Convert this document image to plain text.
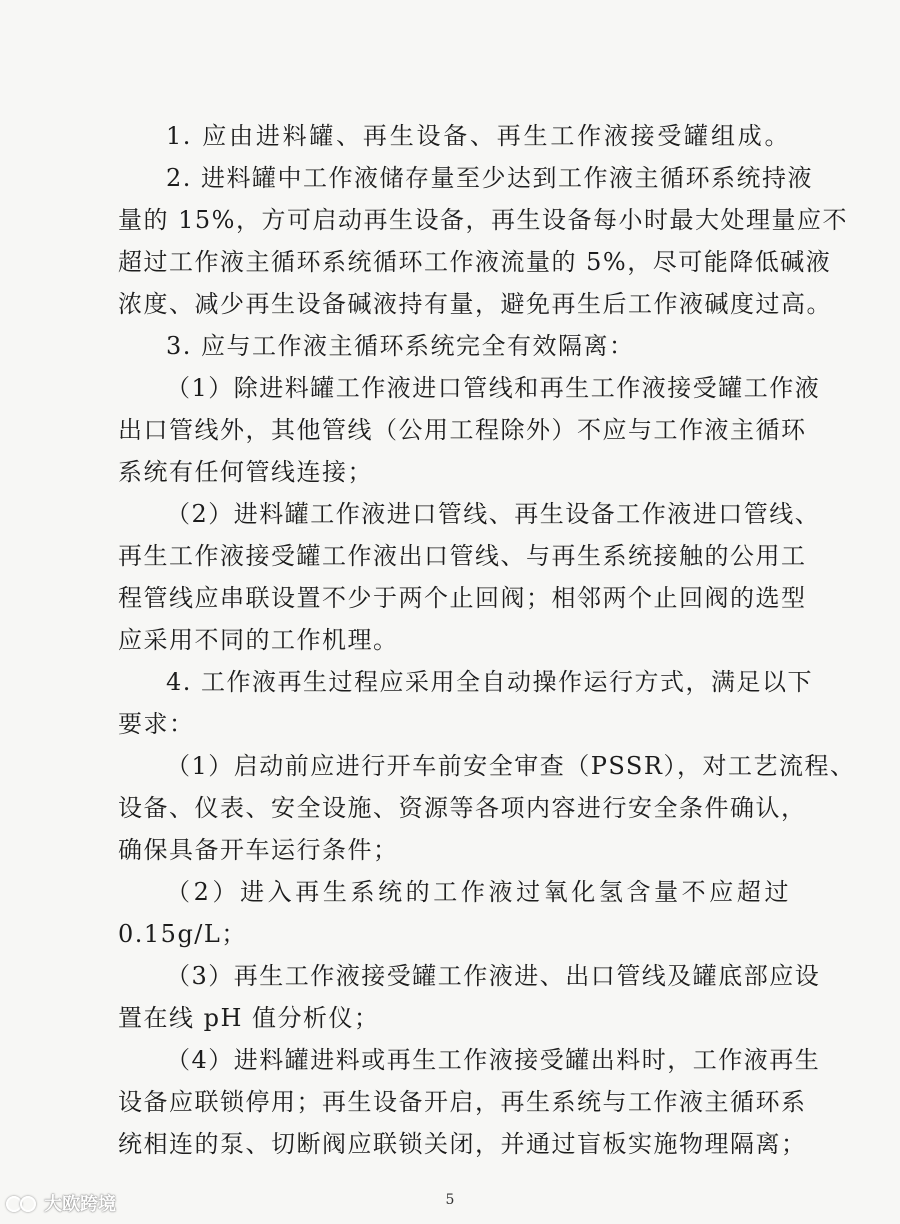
1. 应由进料罐、再生设备、再生工作液接受罐组成。
2. 进料罐中工作液储存量至少达到工作液主循环系统持液
量的 15%，方可启动再生设备，再生设备每小时最大处理量应不
超过工作液主循环系统循环工作液流量的 5%，尽可能降低碱液
浓度、减少再生设备碱液持有量，避免再生后工作液碱度过高。
3. 应与工作液主循环系统完全有效隔离：
（1）除进料罐工作液进口管线和再生工作液接受罐工作液
出口管线外，其他管线（公用工程除外）不应与工作液主循环
系统有任何管线连接；
（2）进料罐工作液进口管线、再生设备工作液进口管线、
再生工作液接受罐工作液出口管线、与再生系统接触的公用工
程管线应串联设置不少于两个止回阀；相邻两个止回阀的选型
应采用不同的工作机理。
4. 工作液再生过程应采用全自动操作运行方式，满足以下
要求：
（1）启动前应进行开车前安全审查（PSSR），对工艺流程、
设备、仪表、安全设施、资源等各项内容进行安全条件确认，
确保具备开车运行条件；
（2）进入再生系统的工作液过氧化氢含量不应超过
0.15g/L；
（3）再生工作液接受罐工作液进、出口管线及罐底部应设
置在线 pH 值分析仪；
（4）进料罐进料或再生工作液接受罐出料时，工作液再生
设备应联锁停用；再生设备开启，再生系统与工作液主循环系
统相连的泵、切断阀应联锁关闭，并通过盲板实施物理隔离；
5
大欧跨境
